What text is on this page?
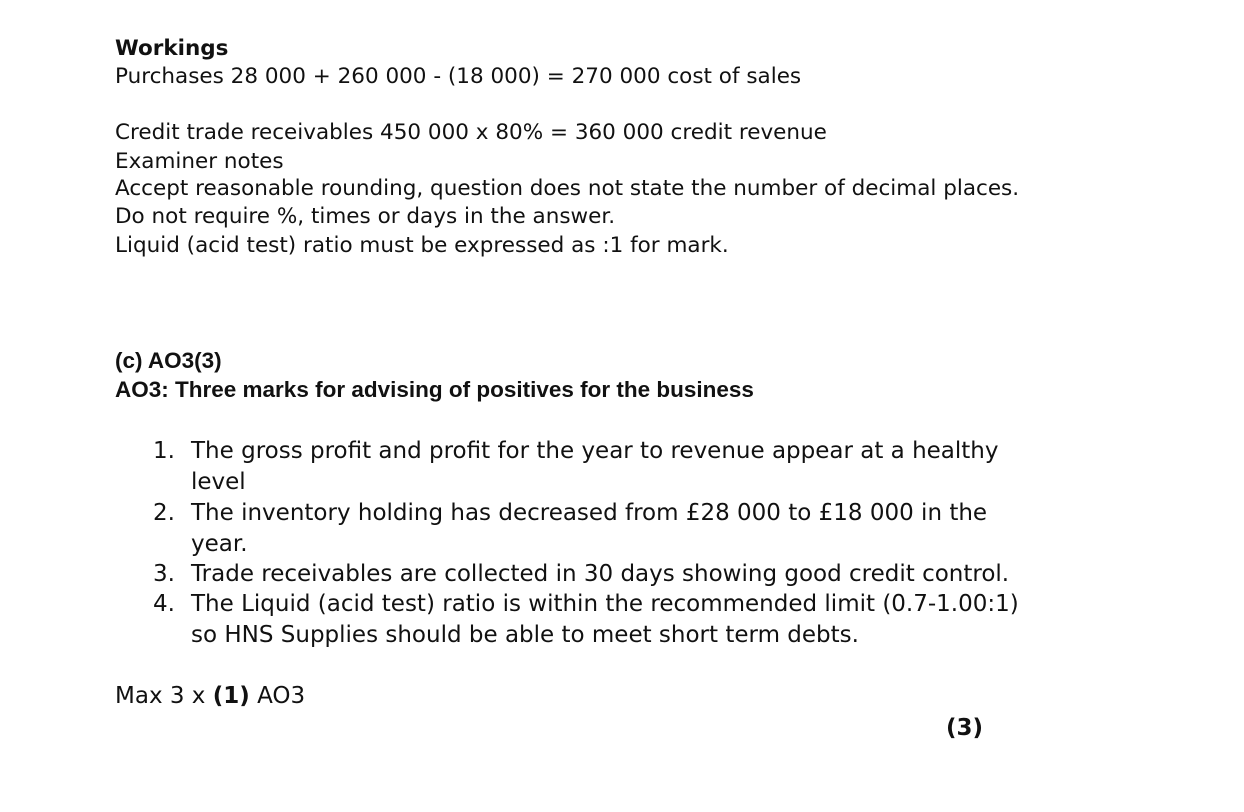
Workings
Purchases 28 000 + 260 000 - (18 000) = 270 000 cost of sales
Credit trade receivables 450 000 x 80% = 360 000 credit revenue
Examiner notes
Accept reasonable rounding, question does not state the number of decimal places.
Do not require %, times or days in the answer.
Liquid (acid test) ratio must be expressed as :1 for mark.
(c) AO3(3)
AO3: Three marks for advising of positives for the business
1. The gross profit and profit for the year to revenue appear at a healthy
level
2. The inventory holding has decreased from £28 000 to £18 000 in the
year.
3. Trade receivables are collected in 30 days showing good credit control.
4. The Liquid (acid test) ratio is within the recommended limit (0.7-1.00:1)
so HNS Supplies should be able to meet short term debts.
Max 3 x (1) AO3
(3)
